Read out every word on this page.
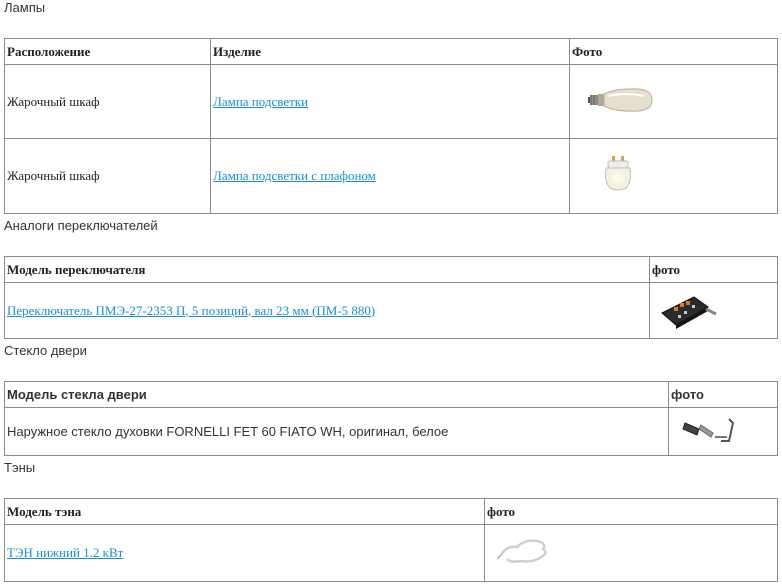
Лампы
Расположение	Изделие	Фото
Жарочный шкаф	Лампа подсветки	

Жарочный шкаф	Лампа подсветки с плафоном	
Аналоги переключателей
Модель переключателя	фото
Переключатель ПМЭ-27-2353 П, 5 позиций, вал 23 мм (ПМ-5 880)	
Стекло двери
Модель стекла двери	фото
Наружное стекло духовки FORNELLI FET 60 FIATO WH, оригинал, белое	
Тэны
Модель тэна	фото
ТЭН нижний 1.2 кВт	
